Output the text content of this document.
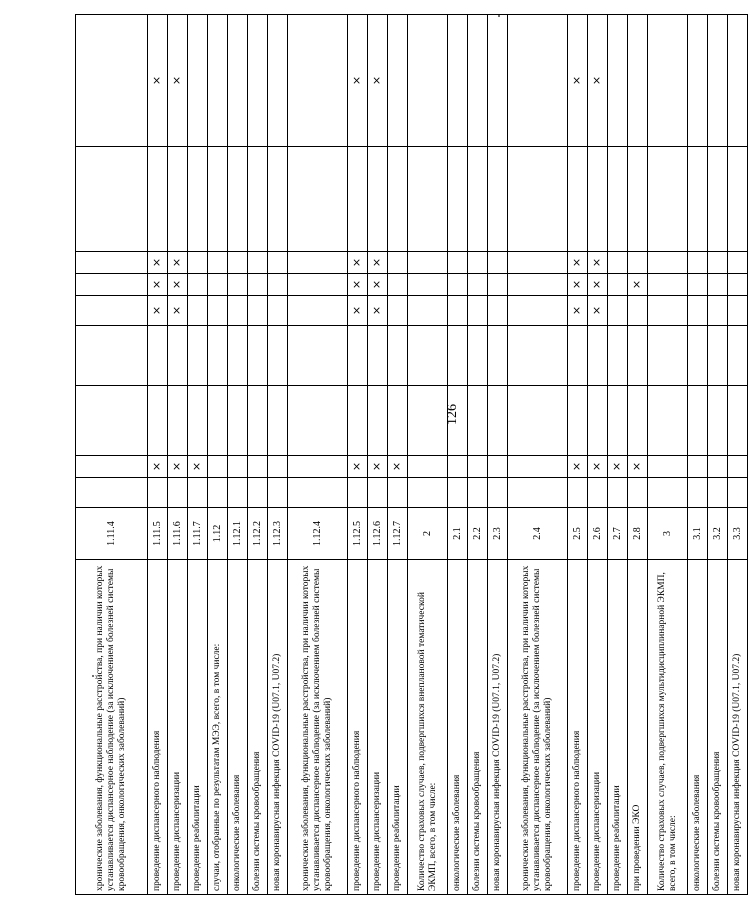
126
хронические заболевания, функциональные расстройства, при наличии которых устанавливается диспансерное наблюдение (за исключением болезней системы кровообращения, онкологических заболеваний)	1.11.4										
проведение диспансерного наблюдения	1.11.5		×			×	×	×		×	
проведение диспансеризации	1.11.6		×			×	×	×		×	
проведение реабилитации	1.11.7		×								
случаи, отобранные по результатам МЭЭ, всего, в том числе:	1.12										
онкологические заболевания	1.12.1										
болезни системы кровообращения	1.12.2										
новая коронавирусная инфекция COVID-19 (U07.1, U07.2)	1.12.3										
хронические заболевания, функциональные расстройства, при наличии которых устанавливается диспансерное наблюдение (за исключением болезней системы кровообращения, онкологических заболеваний)	1.12.4										
проведение диспансерного наблюдения	1.12.5		×			×	×	×		×	
проведение диспансеризации	1.12.6		×			×	×	×		×	
проведение реабилитации	1.12.7		×								
Количество страховых случаев, подвергшихся внеплановой тематической ЭКМП, всего, в том числе:	2										
онкологические заболевания	2.1										
болезни системы кровообращения	2.2										
новая коронавирусная инфекция COVID-19 (U07.1, U07.2)	2.3										
хронические заболевания, функциональные расстройства, при наличии которых устанавливается диспансерное наблюдение (за исключением болезней системы кровообращения, онкологических заболеваний)	2.4										
проведение диспансерного наблюдения	2.5		×			×	×	×		×	
проведение диспансеризации	2.6		×			×	×	×		×	
проведение реабилитации	2.7		×								
при проведении ЭКО	2.8		×				×				
Количество страховых случаев, подвергшихся мультидисциплинарной ЭКМП, всего, в том числе:	3										
онкологические заболевания	3.1										
болезни системы кровообращения	3.2										
новая коронавирусная инфекция COVID-19 (U07.1, U07.2)	3.3										
